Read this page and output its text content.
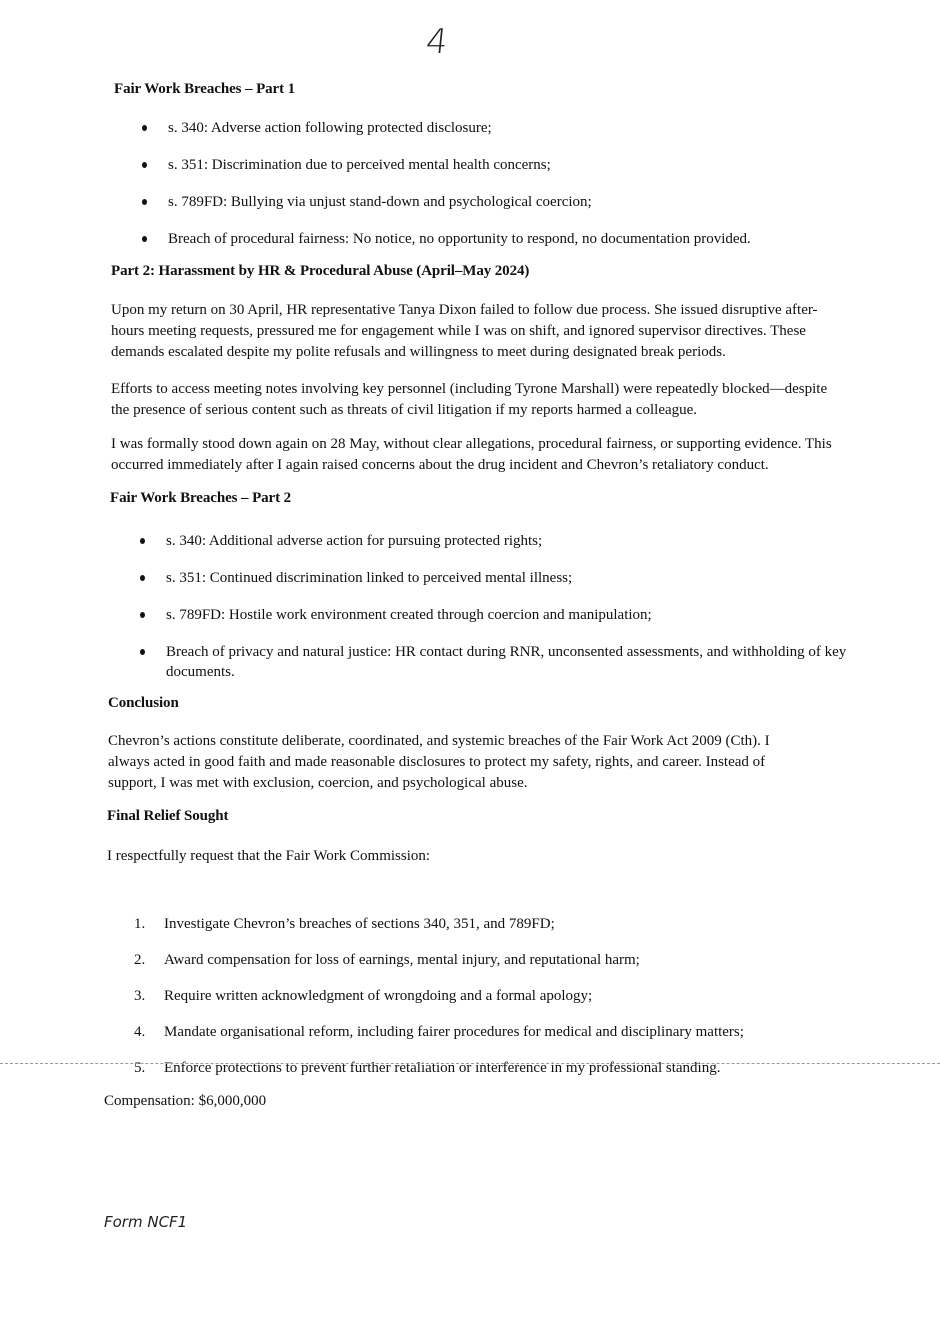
4
Fair Work Breaches – Part 1
s. 340: Adverse action following protected disclosure;
s. 351: Discrimination due to perceived mental health concerns;
s. 789FD: Bullying via unjust stand-down and psychological coercion;
Breach of procedural fairness: No notice, no opportunity to respond, no documentation provided.
Part 2: Harassment by HR & Procedural Abuse (April–May 2024)

Upon my return on 30 April, HR representative Tanya Dixon failed to follow due process. She issued disruptive after-hours meeting requests, pressured me for engagement while I was on shift, and ignored supervisor directives. These demands escalated despite my polite refusals and willingness to meet during designated break periods.

Efforts to access meeting notes involving key personnel (including Tyrone Marshall) were repeatedly blocked—despite the presence of serious content such as threats of civil litigation if my reports harmed a colleague.

I was formally stood down again on 28 May, without clear allegations, procedural fairness, or supporting evidence. This occurred immediately after I again raised concerns about the drug incident and Chevron’s retaliatory conduct.

Fair Work Breaches – Part 2
s. 340: Additional adverse action for pursuing protected rights;
s. 351: Continued discrimination linked to perceived mental illness;
s. 789FD: Hostile work environment created through coercion and manipulation;
Breach of privacy and natural justice: HR contact during RNR, unconsented assessments, and withholding of key documents.
Conclusion

Chevron’s actions constitute deliberate, coordinated, and systemic breaches of the Fair Work Act 2009 (Cth). I always acted in good faith and made reasonable disclosures to protect my safety, rights, and career. Instead of support, I was met with exclusion, coercion, and psychological abuse.

Final Relief Sought

I respectfully request that the Fair Work Commission:

1. Investigate Chevron’s breaches of sections 340, 351, and 789FD;
2. Award compensation for loss of earnings, mental injury, and reputational harm;
3. Require written acknowledgment of wrongdoing and a formal apology;
4. Mandate organisational reform, including fairer procedures for medical and disciplinary matters;
5. Enforce protections to prevent further retaliation or interference in my professional standing.

Compensation: $6,000,000

Form NCF1
